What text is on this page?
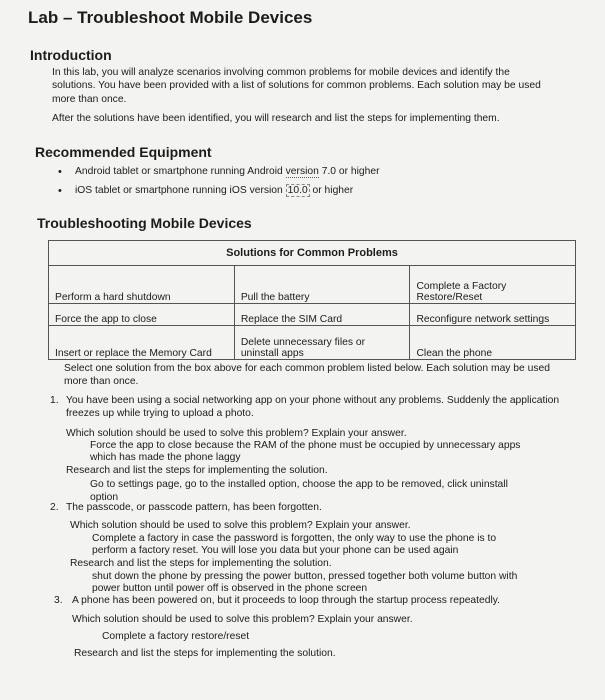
Lab – Troubleshoot Mobile Devices
Introduction
In this lab, you will analyze scenarios involving common problems for mobile devices and identify the
solutions. You have been provided with a list of solutions for common problems. Each solution may be used
more than once.
After the solutions have been identified, you will research and list the steps for implementing them.
Recommended Equipment
• Android tablet or smartphone running Android version 7.0 or higher
• iOS tablet or smartphone running iOS version 10.0 or higher
Troubleshooting Mobile Devices
Solutions for Common Problems		
Perform a hard shutdown	Pull the battery	Complete a Factory Restore/Reset
Force the app to close	Replace the SIM Card	Reconfigure network settings
Insert or replace the Memory Card	Delete unnecessary files or uninstall apps	Clean the phone
Select one solution from the box above for each common problem listed below. Each solution may be used
more than once.
1. You have been using a social networking app on your phone without any problems. Suddenly the application
freezes up while trying to upload a photo.
Which solution should be used to solve this problem? Explain your answer.
Force the app to close because the RAM of the phone must be occupied by unnecessary apps
which has made the phone laggy
Research and list the steps for implementing the solution.
Go to settings page, go to the installed option, choose the app to be removed, click uninstall
option
2. The passcode, or passcode pattern, has been forgotten.
Which solution should be used to solve this problem? Explain your answer.
Complete a factory in case the password is forgotten, the only way to use the phone is to
perform a factory reset. You will lose you data but your phone can be used again
Research and list the steps for implementing the solution.
shut down the phone by pressing the power button, pressed together both volume button with
power button until power off is observed in the phone screen
3. A phone has been powered on, but it proceeds to loop through the startup process repeatedly.
Which solution should be used to solve this problem? Explain your answer.
Complete a factory restore/reset
Research and list the steps for implementing the solution.
